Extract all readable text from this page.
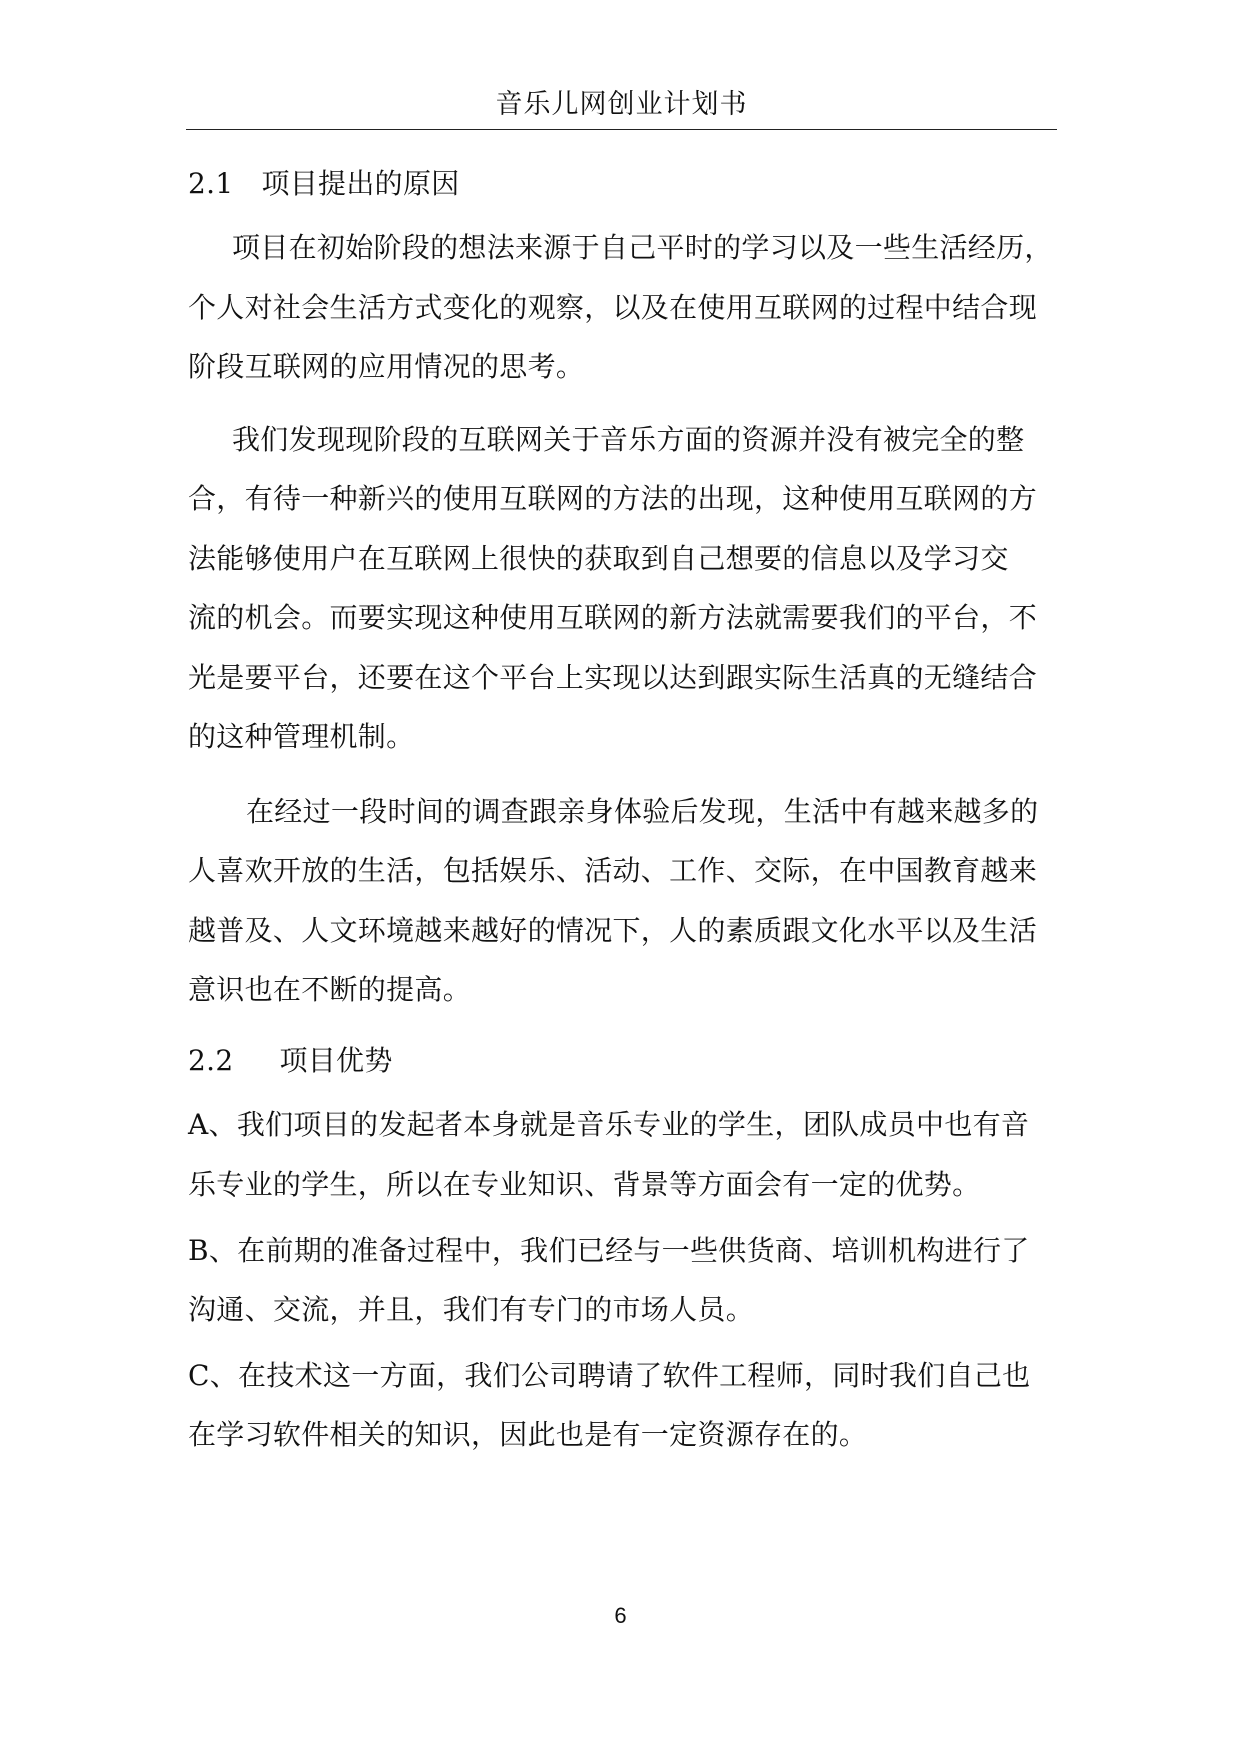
音乐儿网创业计划书
2.1 项目提出的原因
项目在初始阶段的想法来源于自己平时的学习以及一些生活经历，
个人对社会生活方式变化的观察，以及在使用互联网的过程中结合现
阶段互联网的应用情况的思考。
我们发现现阶段的互联网关于音乐方面的资源并没有被完全的整
合，有待一种新兴的使用互联网的方法的出现，这种使用互联网的方
法能够使用户在互联网上很快的获取到自己想要的信息以及学习交
流的机会。而要实现这种使用互联网的新方法就需要我们的平台，不
光是要平台，还要在这个平台上实现以达到跟实际生活真的无缝结合
的这种管理机制。
在经过一段时间的调查跟亲身体验后发现，生活中有越来越多的
人喜欢开放的生活，包括娱乐、活动、工作、交际，在中国教育越来
越普及、人文环境越来越好的情况下，人的素质跟文化水平以及生活
意识也在不断的提高。
2.2 项目优势
A、我们项目的发起者本身就是音乐专业的学生，团队成员中也有音
乐专业的学生，所以在专业知识、背景等方面会有一定的优势。
B、在前期的准备过程中，我们已经与一些供货商、培训机构进行了
沟通、交流，并且，我们有专门的市场人员。
C、在技术这一方面，我们公司聘请了软件工程师，同时我们自己也
在学习软件相关的知识，因此也是有一定资源存在的。
6
